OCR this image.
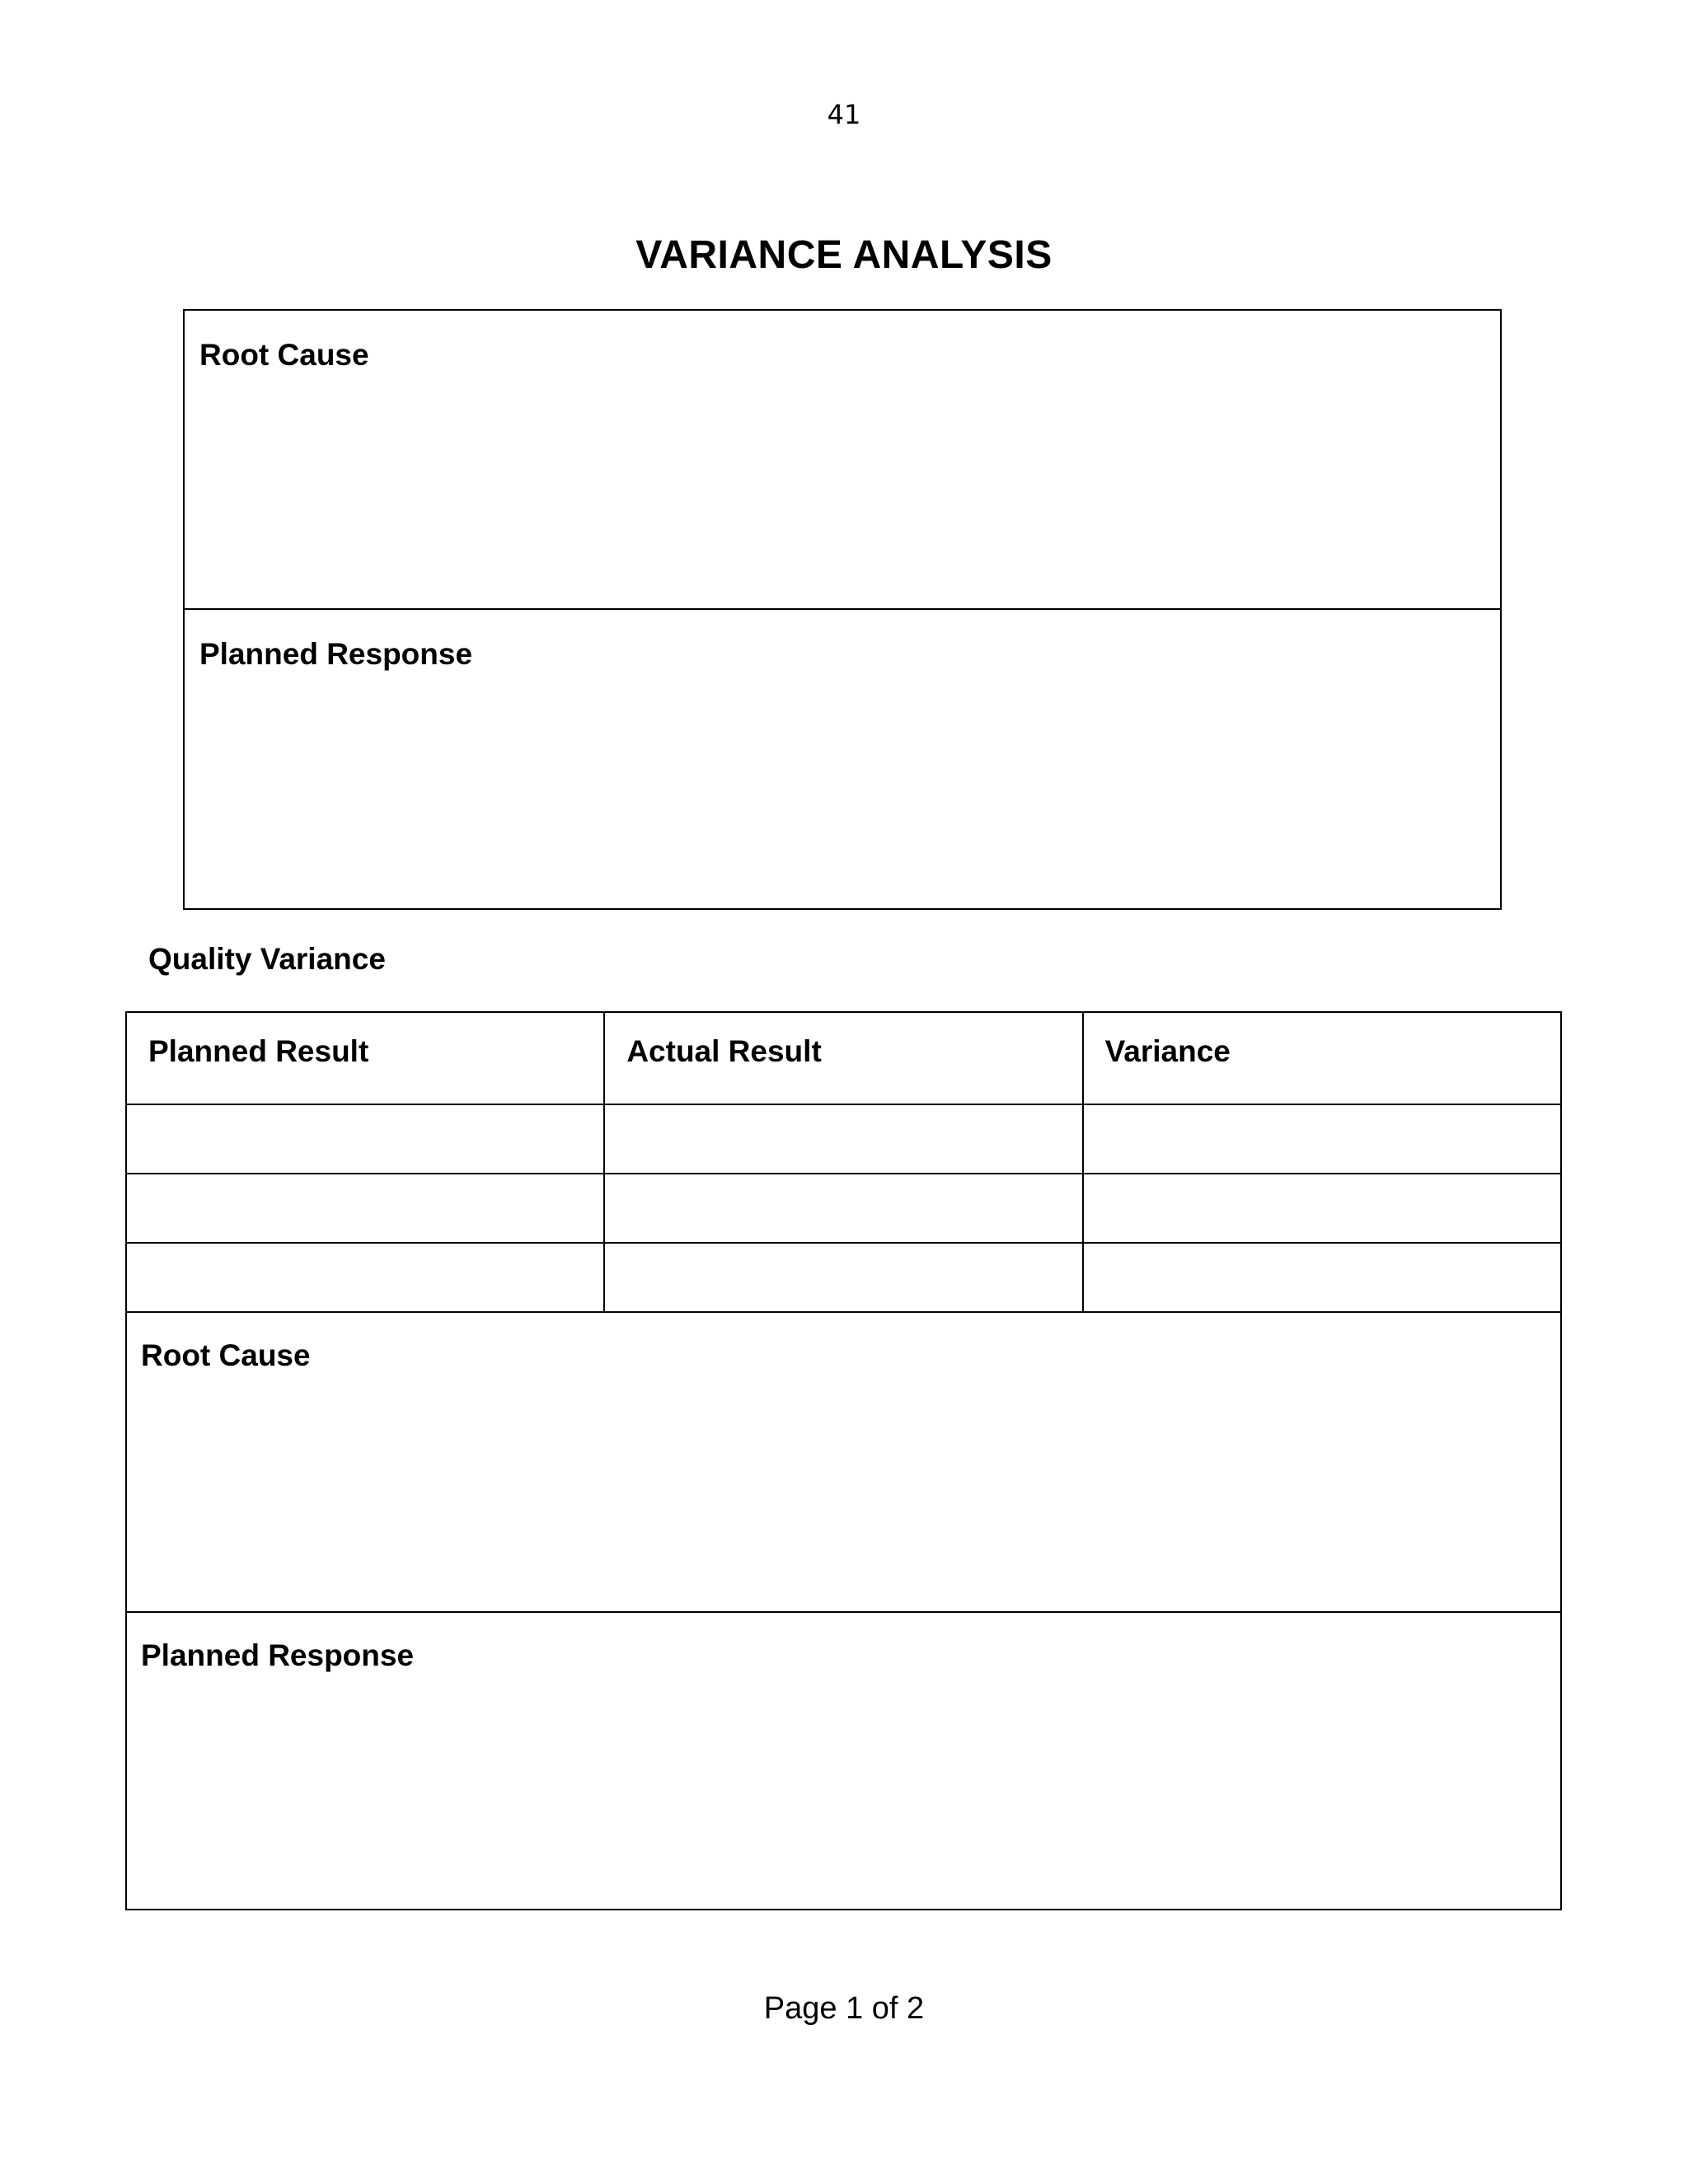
41
VARIANCE ANALYSIS
Root Cause
Planned Response
Quality Variance
Planned Result	Actual Result	Variance
Root Cause
Planned Response
Page 1 of 2
